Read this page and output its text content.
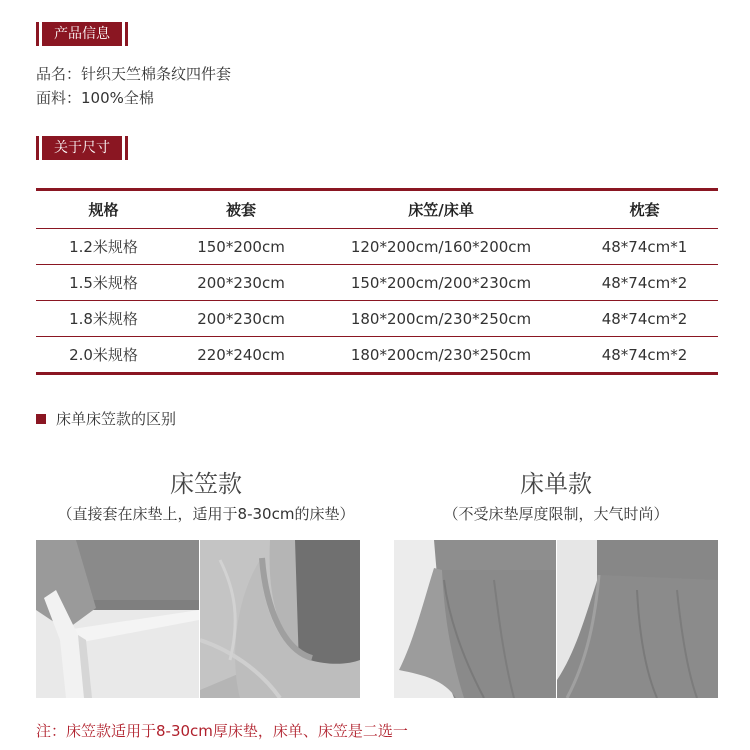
产品信息
品名：针织天竺棉条纹四件套
面料：100%全棉
关于尺寸
规格	被套	床笠/床单	枕套
1.2米规格	150*200cm	120*200cm/160*200cm	48*74cm*1
1.5米规格	200*230cm	150*200cm/200*230cm	48*74cm*2
1.8米规格	200*230cm	180*200cm/230*250cm	48*74cm*2
2.0米规格	220*240cm	180*200cm/230*250cm	48*74cm*2
床单床笠款的区别
床笠款
（直接套在床垫上，适用于8-30cm的床垫）
床单款
（不受床垫厚度限制，大气时尚）
注：床笠款适用于8-30cm厚床垫，床单、床笠是二选一
